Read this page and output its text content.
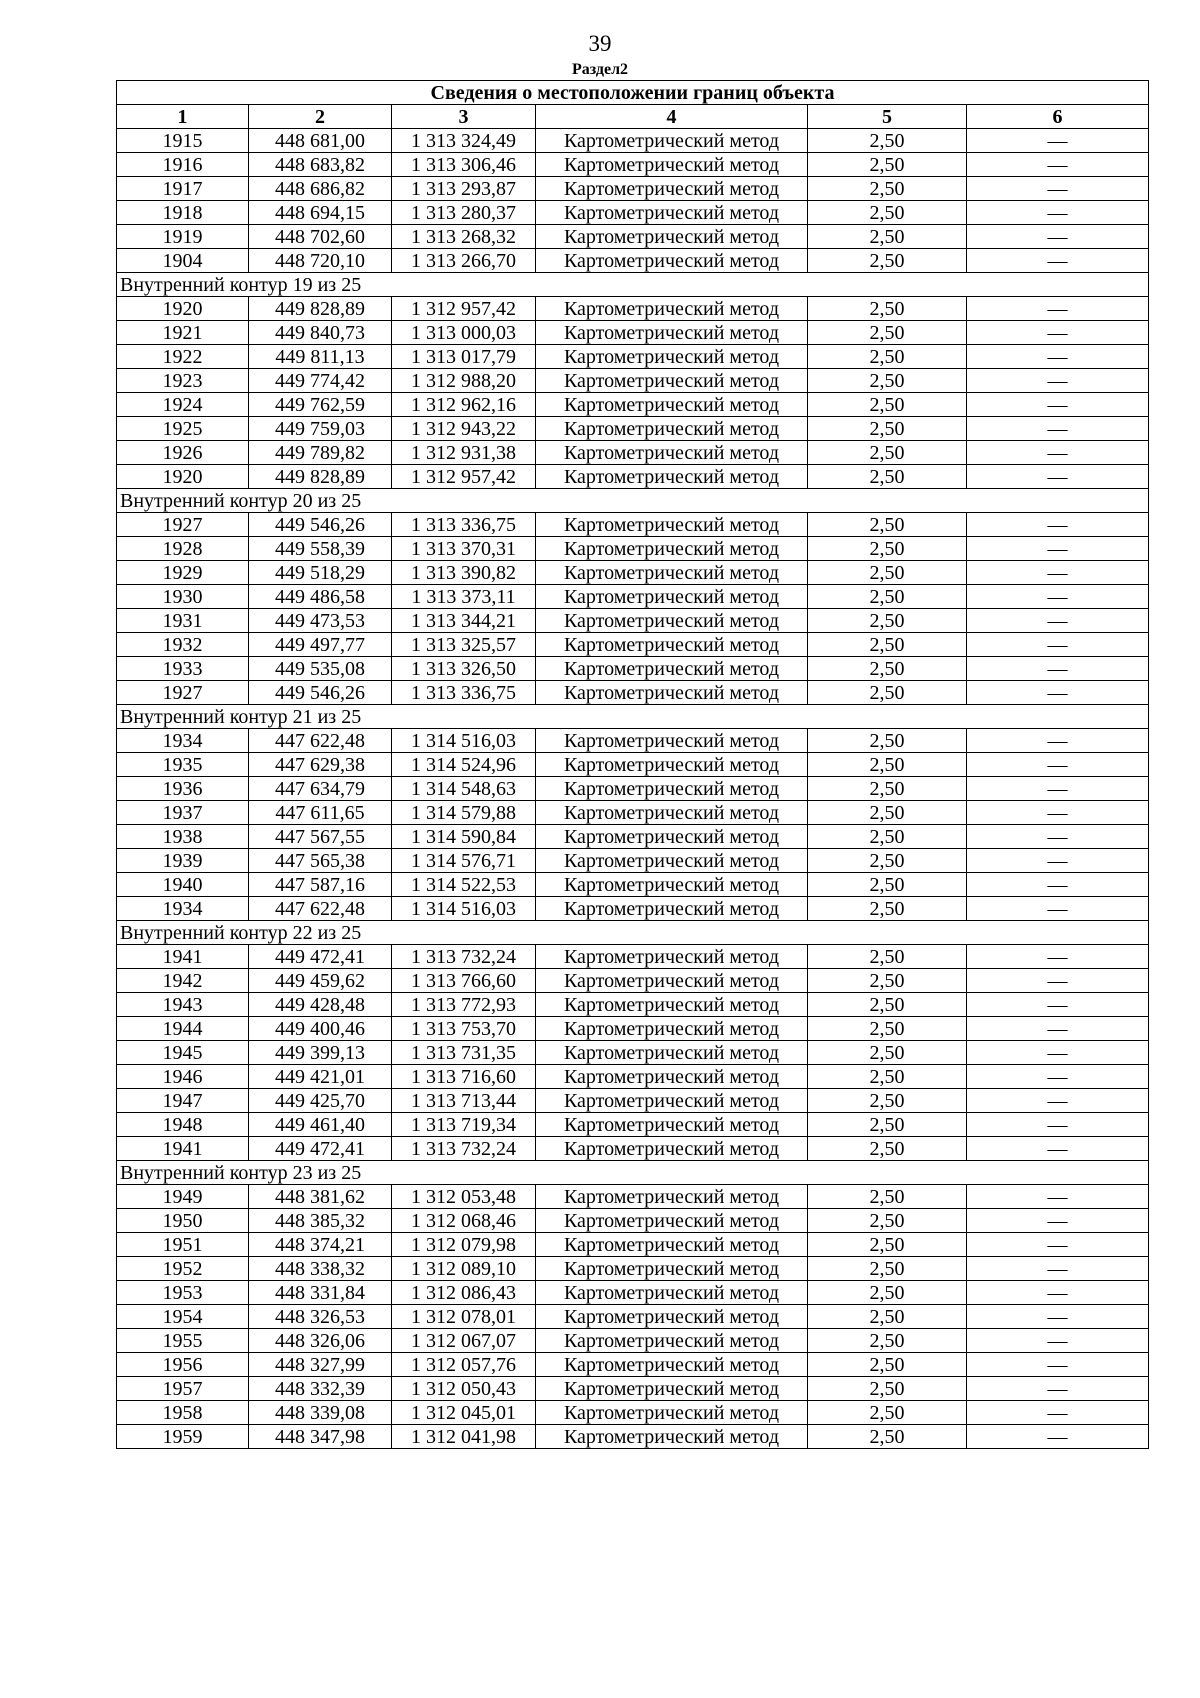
39
Раздел2
Сведения о местоположении границ объекта					
1	2	3	4	5	6
1915	448 681,00	1 313 324,49	Картометрический метод	2,50	—
1916	448 683,82	1 313 306,46	Картометрический метод	2,50	—
1917	448 686,82	1 313 293,87	Картометрический метод	2,50	—
1918	448 694,15	1 313 280,37	Картометрический метод	2,50	—
1919	448 702,60	1 313 268,32	Картометрический метод	2,50	—
1904	448 720,10	1 313 266,70	Картометрический метод	2,50	—
Внутренний контур 19 из 25					
1920	449 828,89	1 312 957,42	Картометрический метод	2,50	—
1921	449 840,73	1 313 000,03	Картометрический метод	2,50	—
1922	449 811,13	1 313 017,79	Картометрический метод	2,50	—
1923	449 774,42	1 312 988,20	Картометрический метод	2,50	—
1924	449 762,59	1 312 962,16	Картометрический метод	2,50	—
1925	449 759,03	1 312 943,22	Картометрический метод	2,50	—
1926	449 789,82	1 312 931,38	Картометрический метод	2,50	—
1920	449 828,89	1 312 957,42	Картометрический метод	2,50	—
Внутренний контур 20 из 25					
1927	449 546,26	1 313 336,75	Картометрический метод	2,50	—
1928	449 558,39	1 313 370,31	Картометрический метод	2,50	—
1929	449 518,29	1 313 390,82	Картометрический метод	2,50	—
1930	449 486,58	1 313 373,11	Картометрический метод	2,50	—
1931	449 473,53	1 313 344,21	Картометрический метод	2,50	—
1932	449 497,77	1 313 325,57	Картометрический метод	2,50	—
1933	449 535,08	1 313 326,50	Картометрический метод	2,50	—
1927	449 546,26	1 313 336,75	Картометрический метод	2,50	—
Внутренний контур 21 из 25					
1934	447 622,48	1 314 516,03	Картометрический метод	2,50	—
1935	447 629,38	1 314 524,96	Картометрический метод	2,50	—
1936	447 634,79	1 314 548,63	Картометрический метод	2,50	—
1937	447 611,65	1 314 579,88	Картометрический метод	2,50	—
1938	447 567,55	1 314 590,84	Картометрический метод	2,50	—
1939	447 565,38	1 314 576,71	Картометрический метод	2,50	—
1940	447 587,16	1 314 522,53	Картометрический метод	2,50	—
1934	447 622,48	1 314 516,03	Картометрический метод	2,50	—
Внутренний контур 22 из 25					
1941	449 472,41	1 313 732,24	Картометрический метод	2,50	—
1942	449 459,62	1 313 766,60	Картометрический метод	2,50	—
1943	449 428,48	1 313 772,93	Картометрический метод	2,50	—
1944	449 400,46	1 313 753,70	Картометрический метод	2,50	—
1945	449 399,13	1 313 731,35	Картометрический метод	2,50	—
1946	449 421,01	1 313 716,60	Картометрический метод	2,50	—
1947	449 425,70	1 313 713,44	Картометрический метод	2,50	—
1948	449 461,40	1 313 719,34	Картометрический метод	2,50	—
1941	449 472,41	1 313 732,24	Картометрический метод	2,50	—
Внутренний контур 23 из 25					
1949	448 381,62	1 312 053,48	Картометрический метод	2,50	—
1950	448 385,32	1 312 068,46	Картометрический метод	2,50	—
1951	448 374,21	1 312 079,98	Картометрический метод	2,50	—
1952	448 338,32	1 312 089,10	Картометрический метод	2,50	—
1953	448 331,84	1 312 086,43	Картометрический метод	2,50	—
1954	448 326,53	1 312 078,01	Картометрический метод	2,50	—
1955	448 326,06	1 312 067,07	Картометрический метод	2,50	—
1956	448 327,99	1 312 057,76	Картометрический метод	2,50	—
1957	448 332,39	1 312 050,43	Картометрический метод	2,50	—
1958	448 339,08	1 312 045,01	Картометрический метод	2,50	—
1959	448 347,98	1 312 041,98	Картометрический метод	2,50	—
